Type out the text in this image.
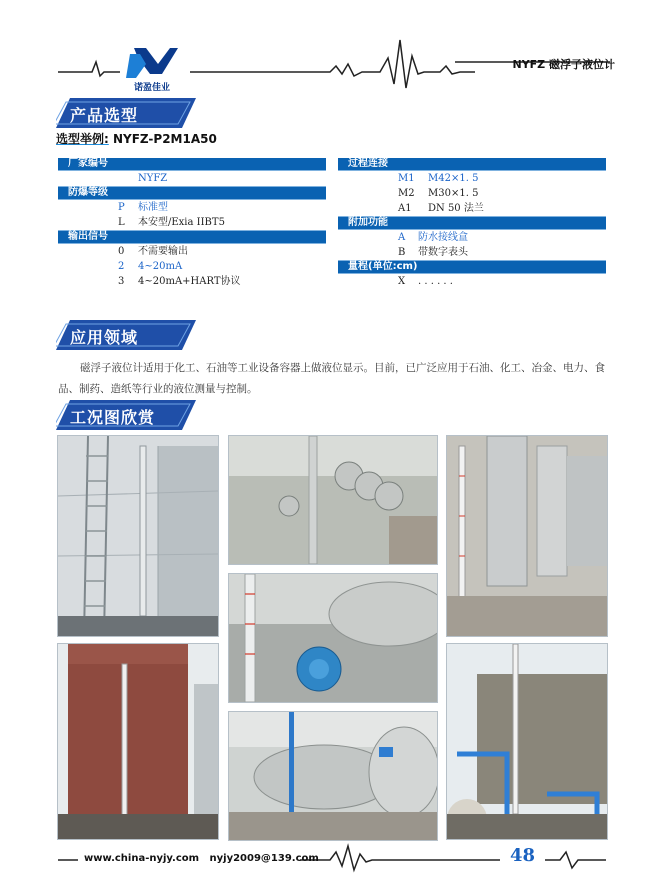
诺盈佳业
NYFZ 磁浮子液位计
产品选型
选型举例: NYFZ-P2M1A50
厂家编号
NYFZ
防爆等级
P 标准型
L 本安型/Exia IIBT5
输出信号
0 不需要输出
2 4~20mA
3 4~20mA+HART协议
过程连接
M1 M42×1. 5
M2 M30×1. 5
A1 DN 50 法兰
附加功能
A 防水接线盒
B 带数字表头
量程(单位:cm)
X . . . . . .
应用领域
磁浮子液位计适用于化工、石油等工业设备容器上做液位显示。目前，已广泛应用于石油、化工、冶金、电力、食品、制药、造纸等行业的液位测量与控制。
工况图欣赏
www.china-nyjy.com nyjy2009@139.com	48
